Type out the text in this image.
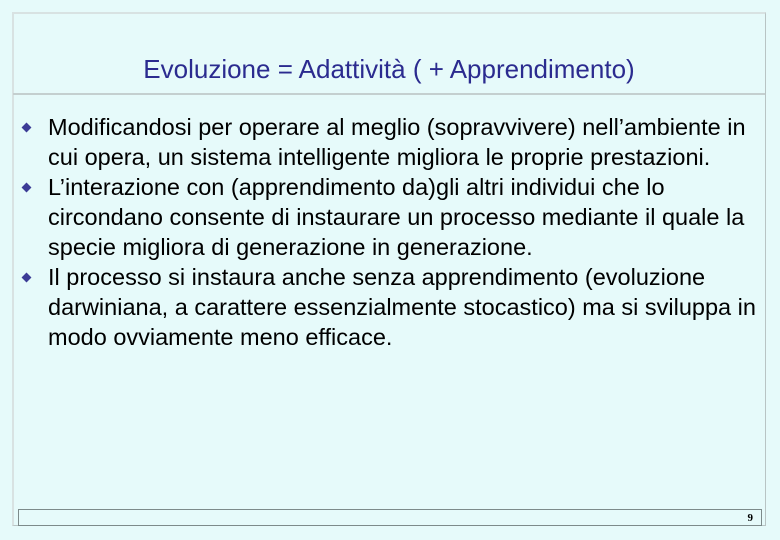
Evoluzione = Adattività ( + Apprendimento)
Modificandosi per operare al meglio (sopravvivere) nell’ambiente in cui opera, un sistema intelligente migliora le proprie prestazioni.
L’interazione con (apprendimento da)gli altri individui che lo circondano consente di instaurare un processo mediante il quale la specie migliora di generazione in generazione.
Il processo si instaura anche senza apprendimento (evoluzione darwiniana, a carattere essenzialmente stocastico) ma si sviluppa in modo ovviamente meno efficace.
9
